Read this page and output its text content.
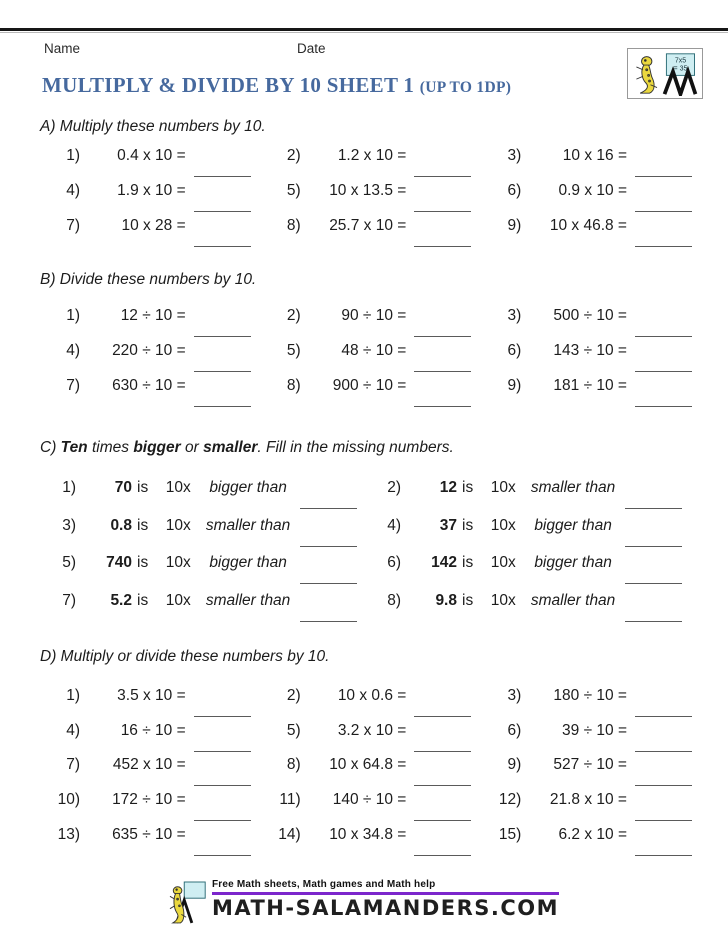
Name	Date
7x5
= 35
MULTIPLY & DIVIDE BY 10 SHEET 1 (UP TO 1DP)
A) Multiply these numbers by 10.
1)	0.4 x 10 =	2)	1.2 x 10 =	3)	10 x 16 =
4)	1.9 x 10 =	5)	10 x 13.5 =	6)	0.9 x 10 =
7)	10 x 28 =	8)	25.7 x 10 =	9)	10 x 46.8 =
B) Divide these numbers by 10.
1)	12 ÷ 10 =	2)	90 ÷ 10 =	3)	500 ÷ 10 =
4)	220 ÷ 10 =	5)	48 ÷ 10 =	6)	143 ÷ 10 =
7)	630 ÷ 10 =	8)	900 ÷ 10 =	9)	181 ÷ 10 =
C) Ten times bigger or smaller. Fill in the missing numbers.
1)	70 is	10x	bigger than	2)	12 is	10x smaller than
3)	0.8 is	10x smaller than	4)	37 is	10x	bigger than
5)	740 is	10x	bigger than	6)	142 is	10x	bigger than
7)	5.2 is	10x smaller than	8)	9.8 is	10x smaller than
D) Multiply or divide these numbers by 10.
1)	3.5 x 10 =	2)	10 x 0.6 =	3)	180 ÷ 10 =
4)	16 ÷ 10 =	5)	3.2 x 10 =	6)	39 ÷ 10 =
7)	452 x 10 =	8)	10 x 64.8 =	9)	527 ÷ 10 =
10)	172 ÷ 10 =	11)	140 ÷ 10 =	12)	21.8 x 10 =
13)	635 ÷ 10 =	14)	10 x 34.8 =	15)	6.2 x 10 =
Free Math sheets, Math games and Math help
MATH-SALAMANDERS.COM
